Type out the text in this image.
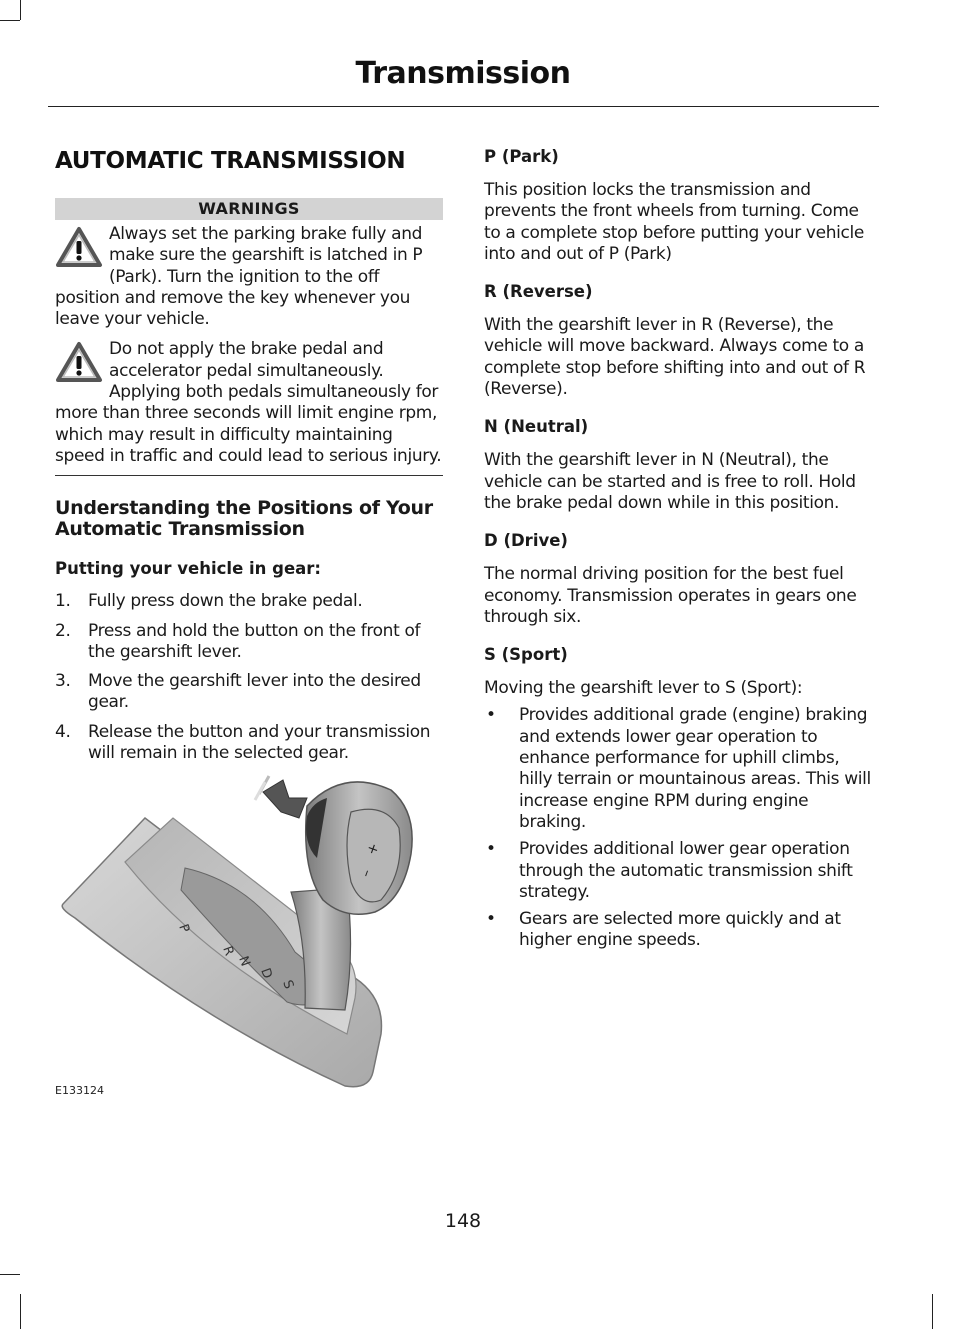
Transmission
AUTOMATIC TRANSMISSION
WARNINGS
Always set the parking brake fully and make sure the gearshift is latched in P (Park). Turn the ignition to the off position and remove the key whenever you leave your vehicle.
Do not apply the brake pedal and accelerator pedal simultaneously. Applying both pedals simultaneously for more than three seconds will limit engine rpm, which may result in difficulty maintaining speed in traffic and could lead to serious injury.
Understanding the Positions of Your Automatic Transmission

Putting your vehicle in gear:

1.	Fully press down the brake pedal.
2.	Press and hold the button on the front of the gearshift lever.
3.	Move the gearshift lever into the desired gear.
4.	Release the button and your transmission will remain in the selected gear.
+
–
P
R
N
D
S
E133124

P (Park)

This position locks the transmission and prevents the front wheels from turning. Come to a complete stop before putting your vehicle into and out of P (Park)

R (Reverse)

With the gearshift lever in R (Reverse), the vehicle will move backward. Always come to a complete stop before shifting into and out of R (Reverse).

N (Neutral)

With the gearshift lever in N (Neutral), the vehicle can be started and is free to roll. Hold the brake pedal down while in this position.

D (Drive)

The normal driving position for the best fuel economy. Transmission operates in gears one through six.

S (Sport)

Moving the gearshift lever to S (Sport):

•	Provides additional grade (engine) braking and extends lower gear operation to enhance performance for uphill climbs, hilly terrain or mountainous areas. This will increase engine RPM during engine braking.
•	Provides additional lower gear operation through the automatic transmission shift strategy.
•	Gears are selected more quickly and at higher engine speeds.
148
